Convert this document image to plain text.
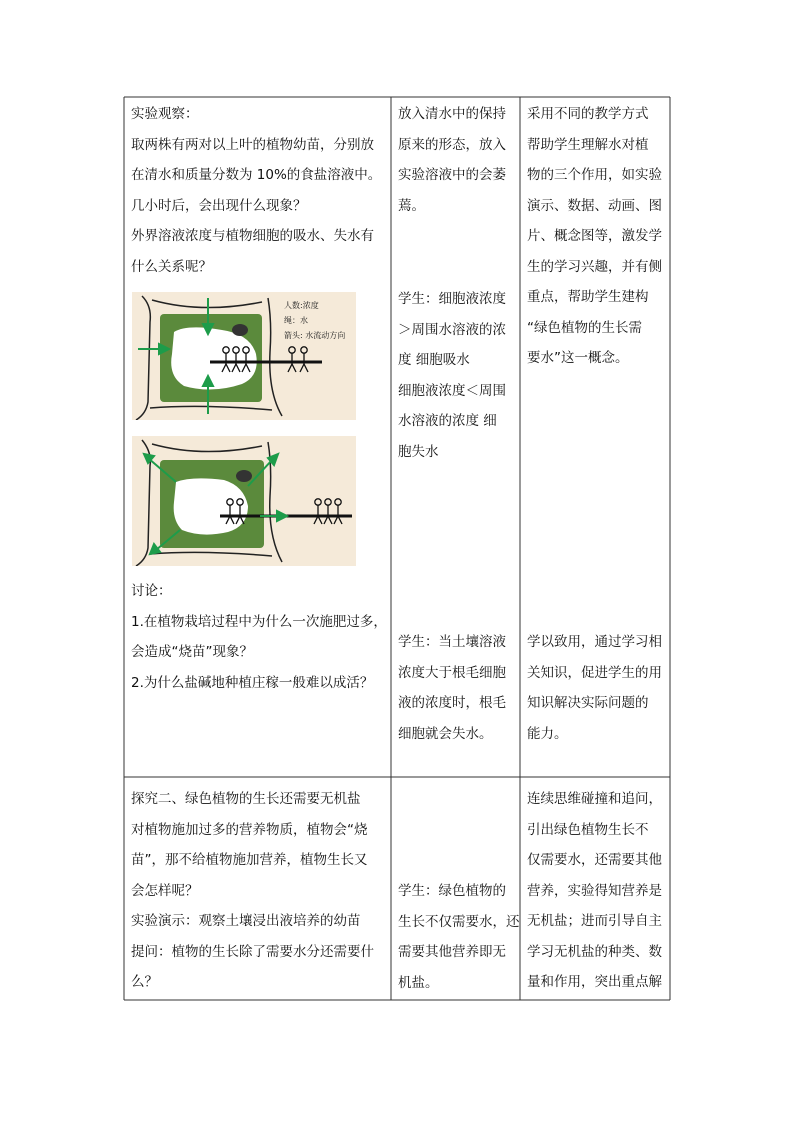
实验观察：
取两株有两对以上叶的植物幼苗，分别放
在清水和质量分数为 10%的食盐溶液中。
几小时后，会出现什么现象？
外界溶液浓度与植物细胞的吸水、失水有
什么关系呢？
人数:浓度
绳：水
箭头: 水流动方向
讨论：
1.在植物栽培过程中为什么一次施肥过多，
会造成“烧苗”现象？
2.为什么盐碱地种植庄稼一般难以成活？
放入清水中的保持
原来的形态，放入
实验溶液中的会萎
蔫。
学生：细胞液浓度
＞周围水溶液的浓
度 细胞吸水
细胞液浓度＜周围
水溶液的浓度 细
胞失水
学生：当土壤溶液
浓度大于根毛细胞
液的浓度时，根毛
细胞就会失水。
采用不同的教学方式
帮助学生理解水对植
物的三个作用，如实验
演示、数据、动画、图
片、概念图等，激发学
生的学习兴趣，并有侧
重点，帮助学生建构
“绿色植物的生长需
要水”这一概念。
学以致用，通过学习相
关知识，促进学生的用
知识解决实际问题的
能力。
探究二、绿色植物的生长还需要无机盐
对植物施加过多的营养物质，植物会“烧
苗”，那不给植物施加营养，植物生长又
会怎样呢？
实验演示：观察土壤浸出液培养的幼苗
提问：植物的生长除了需要水分还需要什
么？
学生：绿色植物的
生长不仅需要水，还
需要其他营养即无
机盐。
连续思维碰撞和追问，
引出绿色植物生长不
仅需要水，还需要其他
营养，实验得知营养是
无机盐；进而引导自主
学习无机盐的种类、数
量和作用，突出重点解
